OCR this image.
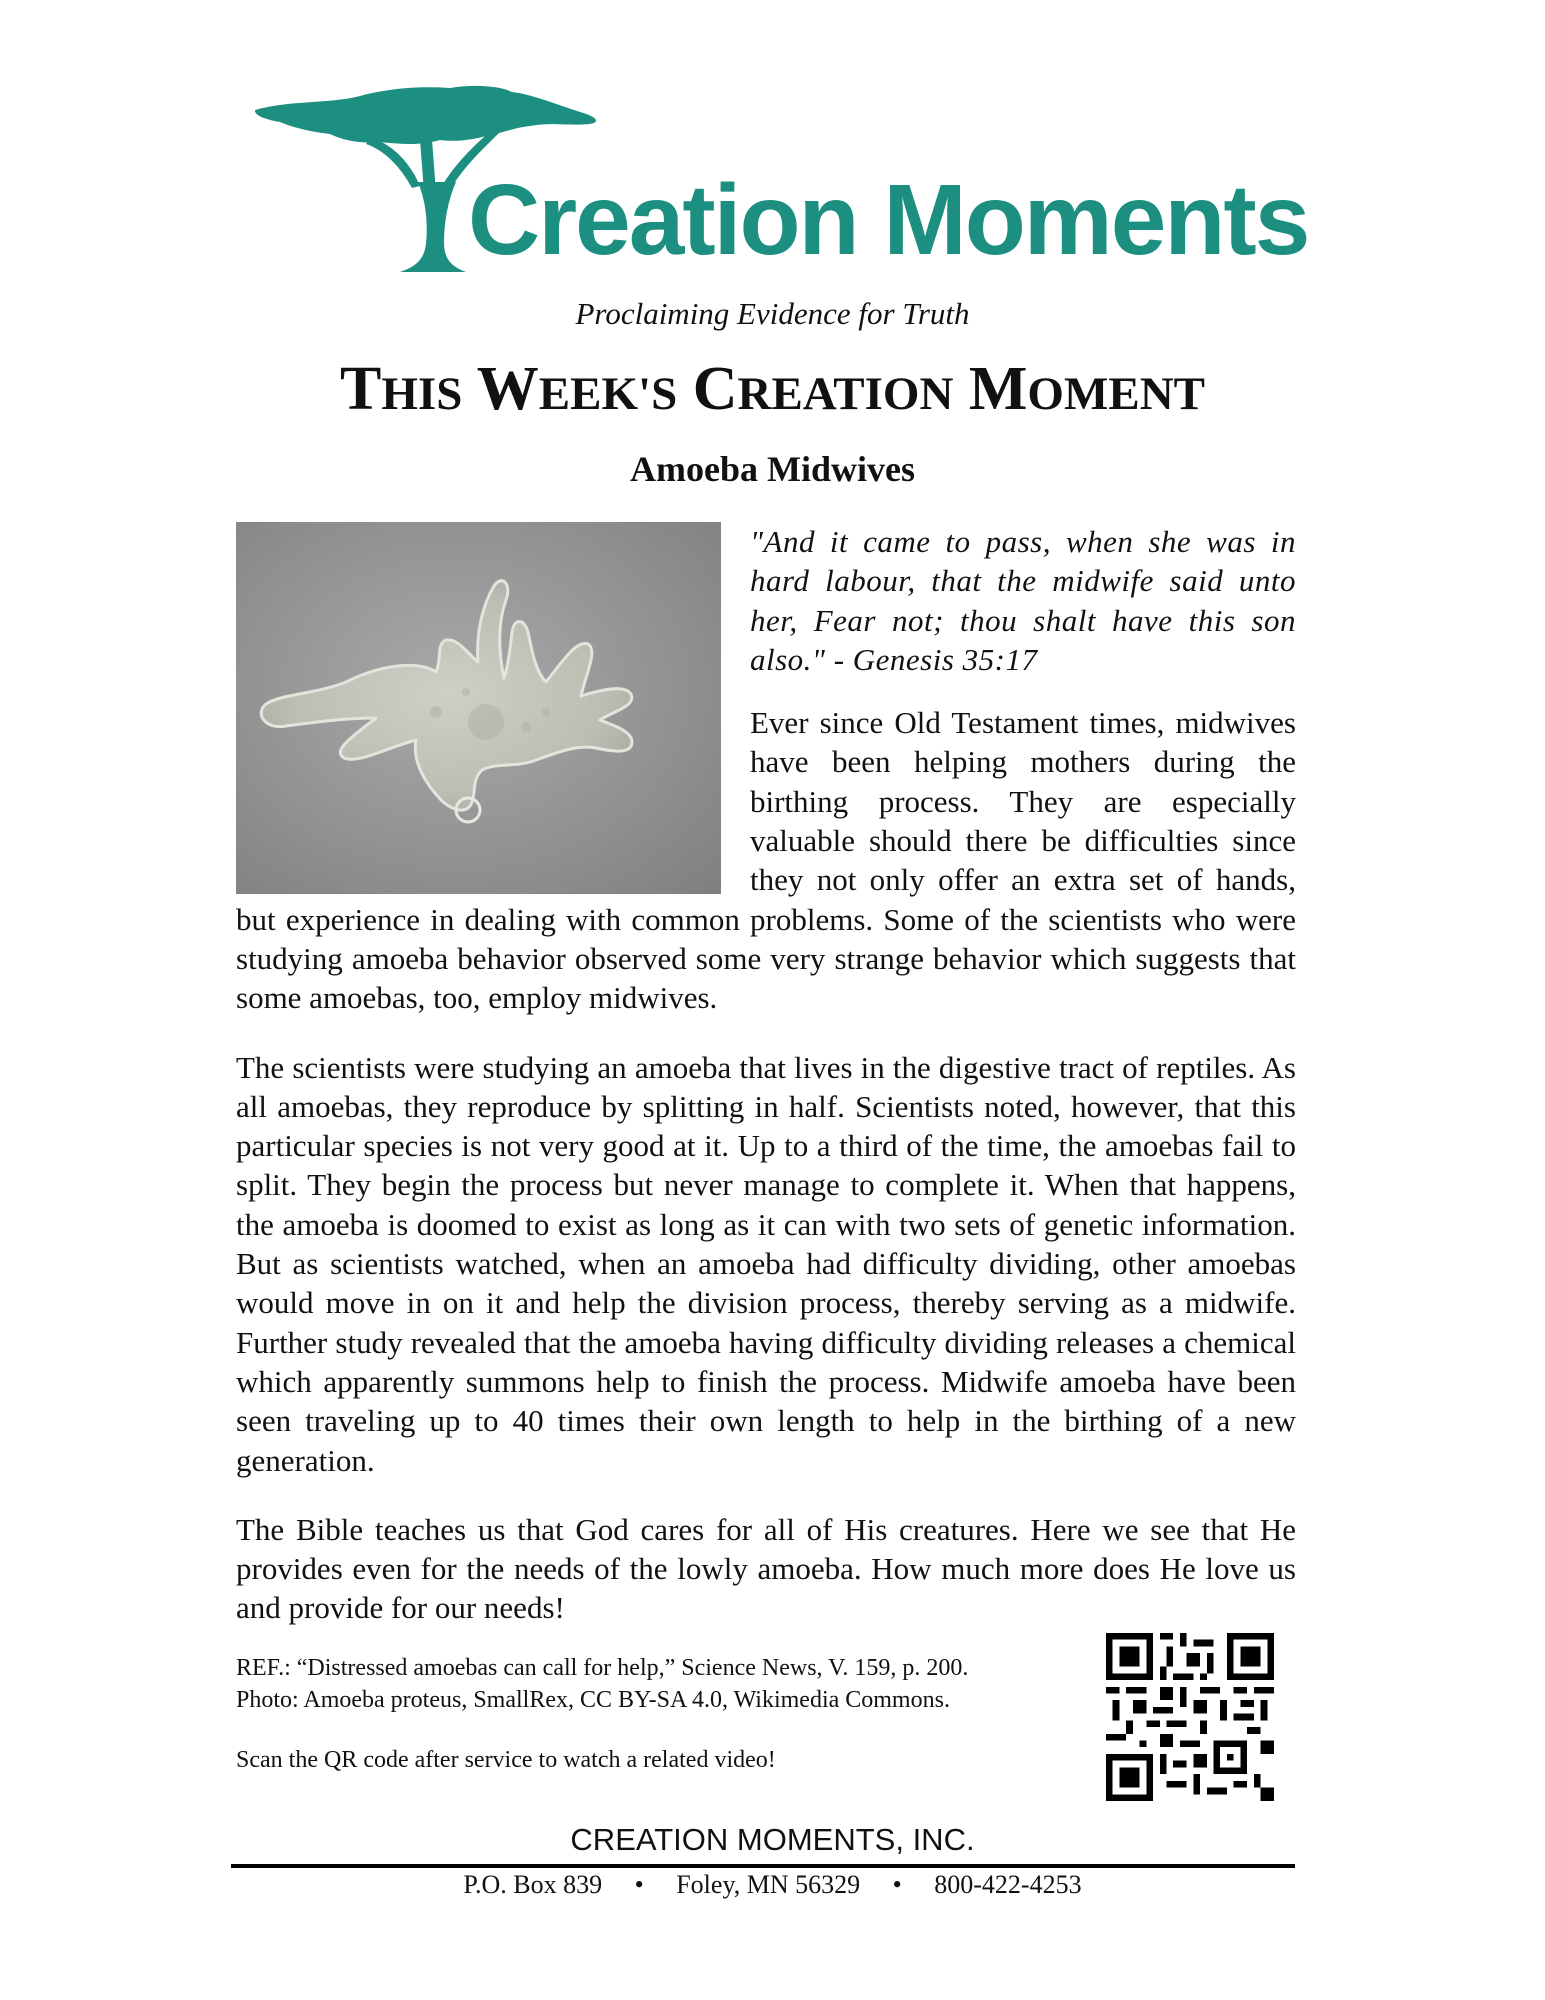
Creation Moments
Proclaiming Evidence for Truth
THIS WEEK'S CREATION MOMENT
Amoeba Midwives

"And it came to pass, when she was in hard labour, that the midwife said unto her, Fear not; thou shalt have this son also." - Genesis 35:17

Ever since Old Testament times, midwives have been helping mothers during the birthing process. They are especially valuable should there be difficulties since they not only offer an extra set of hands, but experience in dealing with common problems. Some of the scientists who were studying amoeba behavior observed some very strange behavior which suggests that some amoebas, too, employ midwives.

The scientists were studying an amoeba that lives in the digestive tract of reptiles. As all amoebas, they reproduce by splitting in half. Scientists noted, however, that this particular species is not very good at it. Up to a third of the time, the amoebas fail to split. They begin the process but never manage to complete it. When that happens, the amoeba is doomed to exist as long as it can with two sets of genetic information. But as scientists watched, when an amoeba had difficulty dividing, other amoebas would move in on it and help the division process, thereby serving as a midwife. Further study revealed that the amoeba having difficulty dividing releases a chemical which apparently summons help to finish the process. Midwife amoeba have been seen traveling up to 40 times their own length to help in the birthing of a new generation.

The Bible teaches us that God cares for all of His creatures. Here we see that He provides even for the needs of the lowly amoeba. How much more does He love us and provide for our needs!

REF.: “Distressed amoebas can call for help,” Science News, V. 159, p. 200.
Photo: Amoeba proteus, SmallRex, CC BY-SA 4.0, Wikimedia Commons.
Scan the QR code after service to watch a related video!
CREATION MOMENTS, INC.
P.O. Box 839 • Foley, MN 56329 • 800-422-4253
